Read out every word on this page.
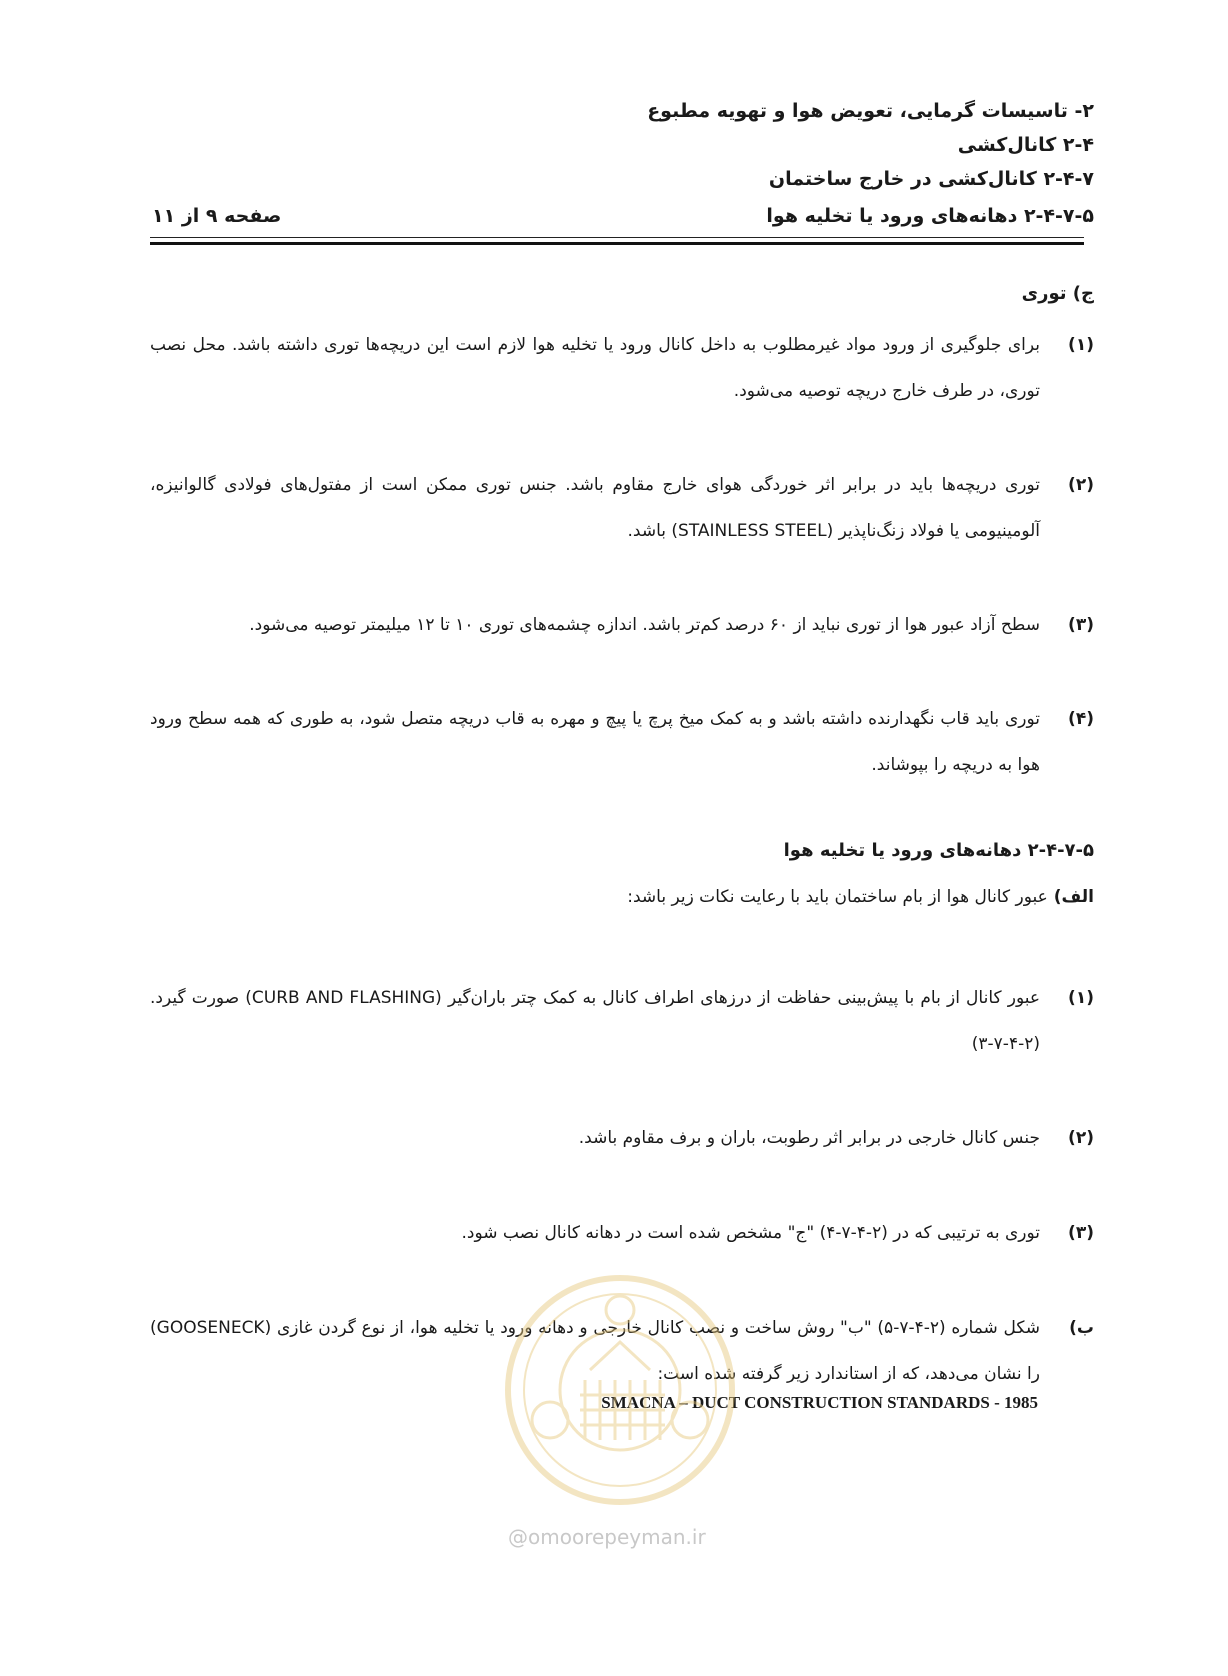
۲- تاسیسات گرمایی، تعویض هوا و تهویه مطبوع
۲-۴ کانال‌کشی
۲-۴-۷ کانال‌کشی در خارج ساختمان
۲-۴-۷-۵ دهانه‌های ورود یا تخلیه هوا
صفحه ۹ از ۱۱
ج) توری
(۱)
برای جلوگیری از ورود مواد غیرمطلوب به داخل کانال ورود یا تخلیه هوا لازم است این دریچه‌ها توری داشته باشد. محل نصب توری، در طرف خارج دریچه توصیه می‌شود.
(۲)
توری دریچه‌ها باید در برابر اثر خوردگی هوای خارج مقاوم باشد. جنس توری ممکن است از مفتول‌های فولادی گالوانیزه، آلومینیومی یا فولاد زنگ‌ناپذیر (STAINLESS STEEL) باشد.
(۳)
سطح آزاد عبور هوا از توری نباید از ۶۰ درصد کم‌تر باشد. اندازه چشمه‌های توری ۱۰ تا ۱۲ میلیمتر توصیه می‌شود.
(۴)
توری باید قاب نگهدارنده داشته باشد و به کمک میخ پرچ یا پیچ و مهره به قاب دریچه متصل شود، به طوری که همه سطح ورود هوا به دریچه را بپوشاند.
۲-۴-۷-۵ دهانه‌های ورود یا تخلیه هوا
الف)عبور کانال هوا از بام ساختمان باید با رعایت نکات زیر باشد:
(۱)
عبور کانال از بام با پیش‌بینی حفاظت از درزهای اطراف کانال به کمک چتر باران‌گیر (CURB AND FLASHING) صورت گیرد. (۲-۴-۷-۳)
(۲)
جنس کانال خارجی در برابر اثر رطوبت، باران و برف مقاوم باشد.
(۳)
توری به ترتیبی که در (۲-۴-۷-۴) "ج" مشخص شده است در دهانه کانال نصب شود.
ب)
شکل شماره (۲-۴-۷-۵) "ب" روش ساخت و نصب کانال خارجی و دهانه ورود یا تخلیه هوا، از نوع گردن غازی (GOOSENECK) را نشان می‌دهد، که از استاندارد زیر گرفته شده است:
SMACNA – DUCT CONSTRUCTION STANDARDS - 1985
@omoorepeyman.ir
